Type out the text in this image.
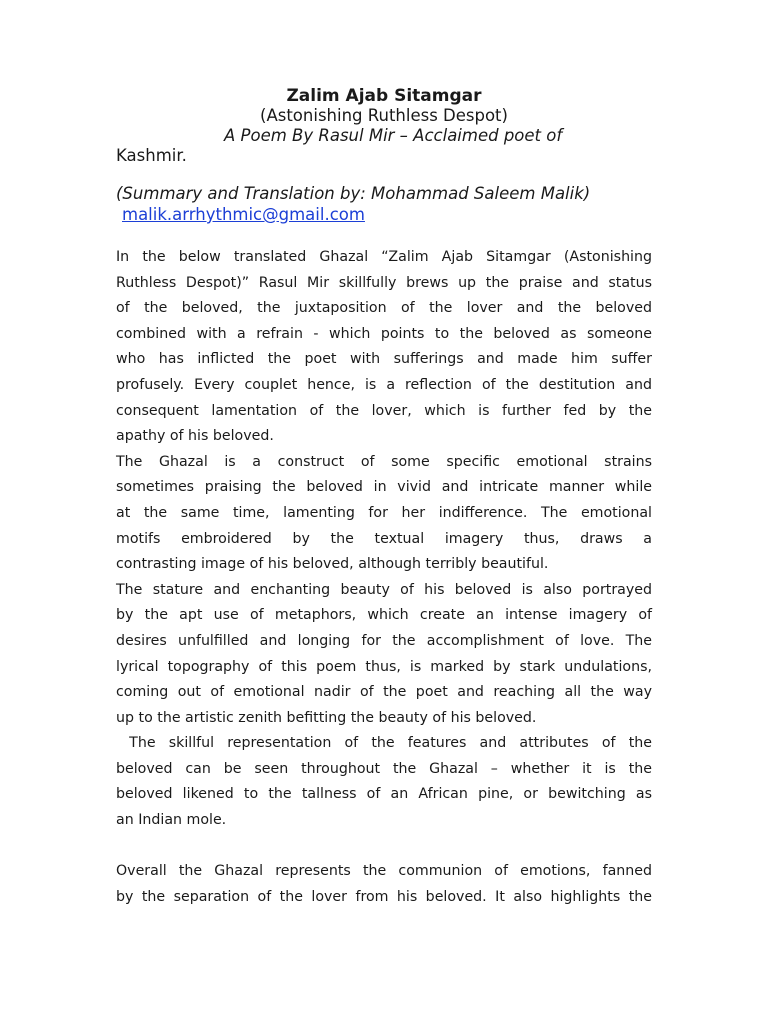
Zalim Ajab Sitamgar
(Astonishing Ruthless Despot)
A Poem By Rasul Mir – Acclaimed poet of
Kashmir.
(Summary and Translation by: Mohammad Saleem Malik)
malik.arrhythmic@gmail.com
In the below translated Ghazal “Zalim Ajab Sitamgar (Astonishing
Ruthless Despot)” Rasul Mir skillfully brews up the praise and status
of the beloved, the juxtaposition of the lover and the beloved
combined with a refrain - which points to the beloved as someone
who has inflicted the poet with sufferings and made him suffer
profusely. Every couplet hence, is a reflection of the destitution and
consequent lamentation of the lover, which is further fed by the
apathy of his beloved.
The Ghazal is a construct of some specific emotional strains
sometimes praising the beloved in vivid and intricate manner while
at the same time, lamenting for her indifference. The emotional
motifs embroidered by the textual imagery thus, draws a
contrasting image of his beloved, although terribly beautiful.
The stature and enchanting beauty of his beloved is also portrayed
by the apt use of metaphors, which create an intense imagery of
desires unfulfilled and longing for the accomplishment of love. The
lyrical topography of this poem thus, is marked by stark undulations,
coming out of emotional nadir of the poet and reaching all the way
up to the artistic zenith befitting the beauty of his beloved.
The skillful representation of the features and attributes of the
beloved can be seen throughout the Ghazal – whether it is the
beloved likened to the tallness of an African pine, or bewitching as
an Indian mole.
Overall the Ghazal represents the communion of emotions, fanned
by the separation of the lover from his beloved. It also highlights the
